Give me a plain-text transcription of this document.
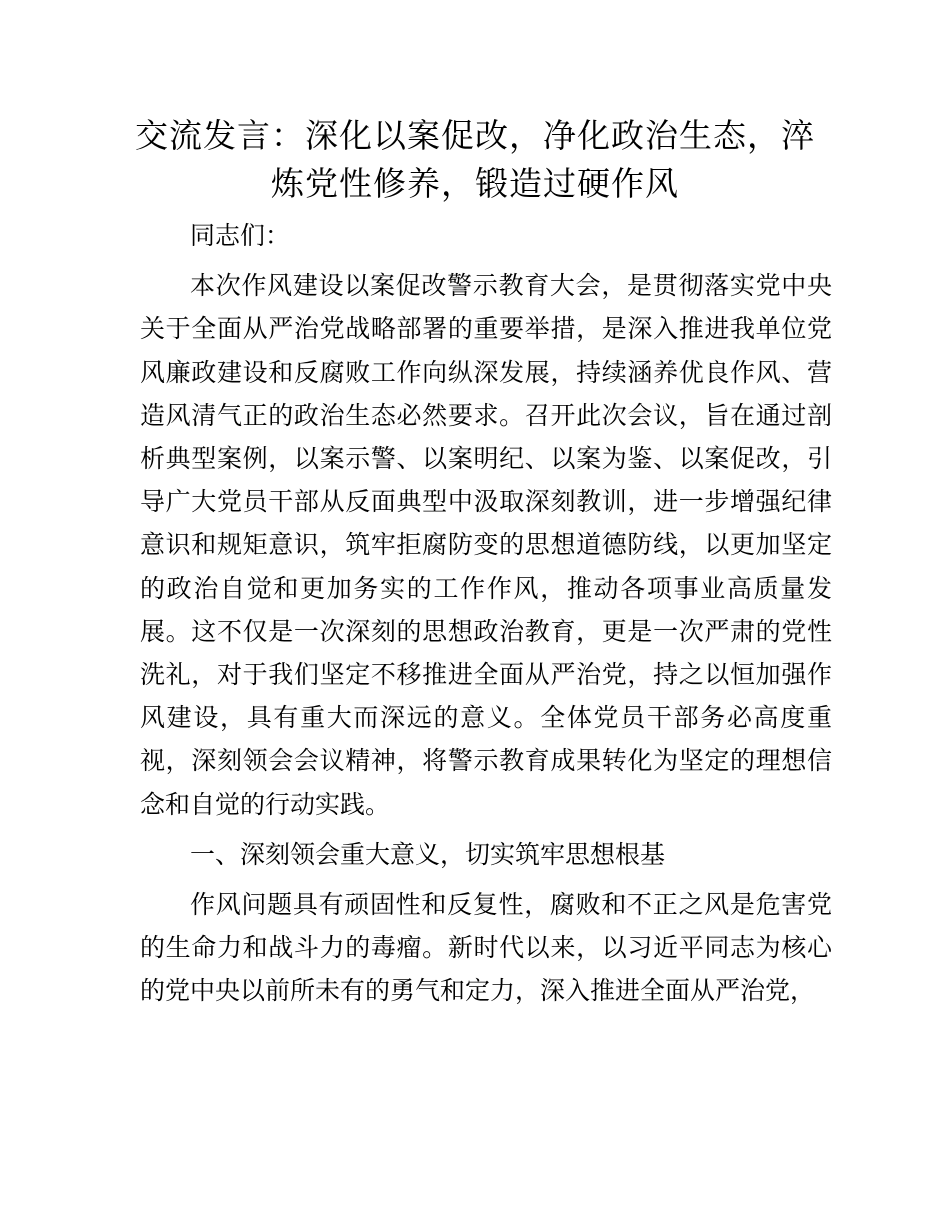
交流发言：深化以案促改，净化政治生态，淬炼党性修养，锻造过硬作风

同志们：

本次作风建设以案促改警示教育大会，是贯彻落实党中央关于全面从严治党战略部署的重要举措，是深入推进我单位党风廉政建设和反腐败工作向纵深发展，持续涵养优良作风、营造风清气正的政治生态必然要求。召开此次会议，旨在通过剖析典型案例，以案示警、以案明纪、以案为鉴、以案促改，引导广大党员干部从反面典型中汲取深刻教训，进一步增强纪律意识和规矩意识，筑牢拒腐防变的思想道德防线，以更加坚定的政治自觉和更加务实的工作作风，推动各项事业高质量发展。这不仅是一次深刻的思想政治教育，更是一次严肃的党性洗礼，对于我们坚定不移推进全面从严治党，持之以恒加强作风建设，具有重大而深远的意义。全体党员干部务必高度重视，深刻领会会议精神，将警示教育成果转化为坚定的理想信念和自觉的行动实践。

一、深刻领会重大意义，切实筑牢思想根基

作风问题具有顽固性和反复性，腐败和不正之风是危害党的生命力和战斗力的毒瘤。新时代以来，以习近平同志为核心的党中央以前所未有的勇气和定力，深入推进全面从严治党，
